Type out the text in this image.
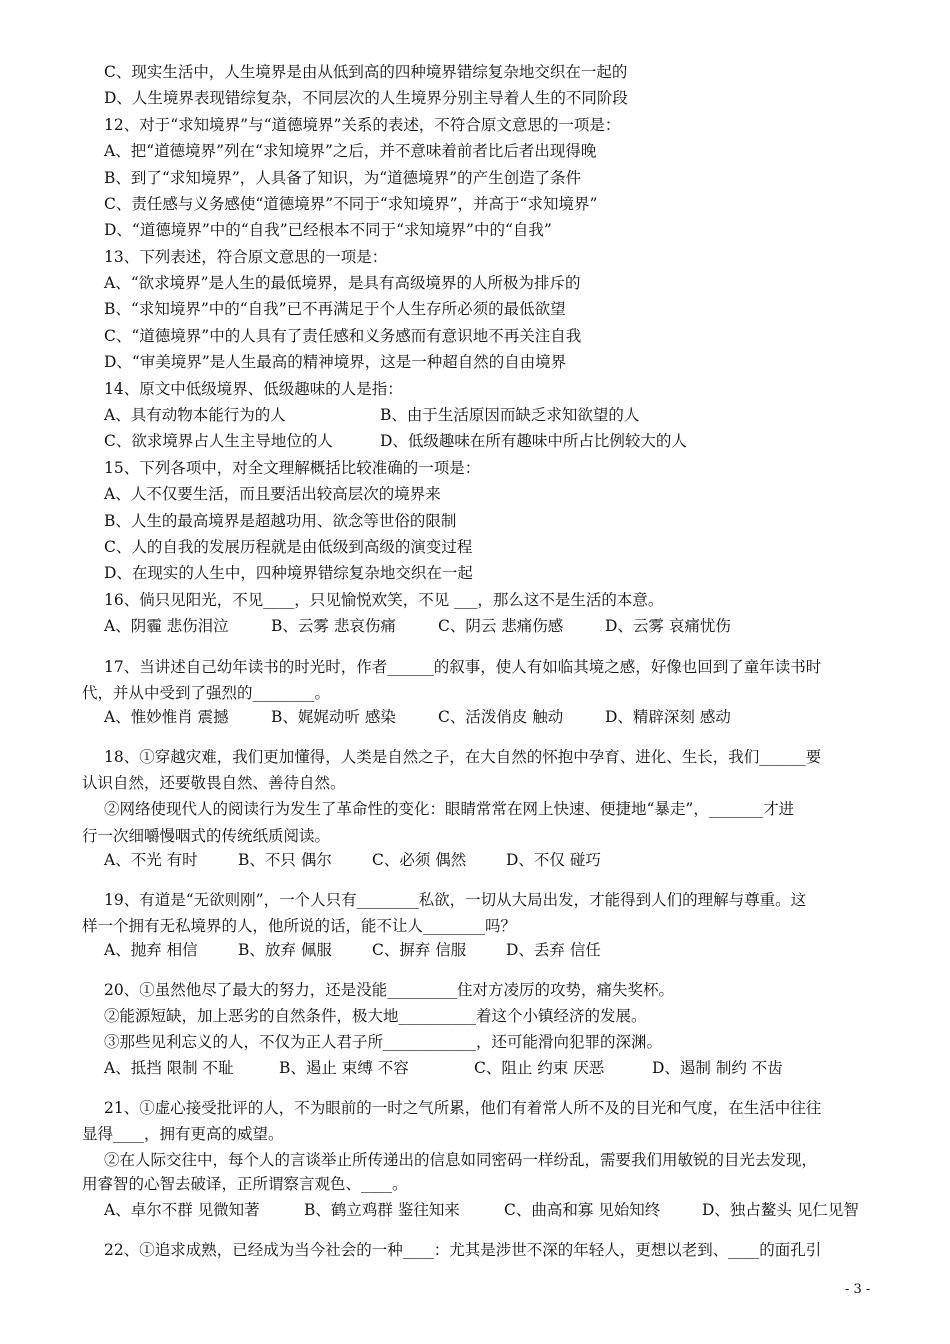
C、现实生活中，人生境界是由从低到高的四种境界错综复杂地交织在一起的
D、人生境界表现错综复杂，不同层次的人生境界分别主导着人生的不同阶段
12、对于“求知境界”与“道德境界”关系的表述，不符合原文意思的一项是：
A、把“道德境界”列在“求知境界”之后，并不意味着前者比后者出现得晚
B、到了“求知境界”，人具备了知识，为“道德境界”的产生创造了条件
C、责任感与义务感使“道德境界”不同于“求知境界”，并高于“求知境界”
D、“道德境界”中的“自我”已经根本不同于“求知境界”中的“自我”
13、下列表述，符合原文意思的一项是：
A、“欲求境界”是人生的最低境界，是具有高级境界的人所极为排斥的
B、“求知境界”中的“自我”已不再满足于个人生存所必须的最低欲望
C、“道德境界”中的人具有了责任感和义务感而有意识地不再关注自我
D、“审美境界”是人生最高的精神境界，这是一种超自然的自由境界
14、原文中低级境界、低级趣味的人是指：
A、具有动物本能行为的人	B、由于生活原因而缺乏求知欲望的人
C、欲求境界占人生主导地位的人	D、低级趣味在所有趣味中所占比例较大的人
15、下列各项中，对全文理解概括比较准确的一项是：
A、人不仅要生活，而且要活出较高层次的境界来
B、人生的最高境界是超越功用、欲念等世俗的限制
C、人的自我的发展历程就是由低级到高级的演变过程
D、在现实的人生中，四种境界错综复杂地交织在一起
16、倘只见阳光，不见____，只见愉悦欢笑，不见 ___，那么这不是生活的本意。
A、阴霾 悲伤泪泣	B、云雾 悲哀伤痛	C、阴云 悲痛伤感	D、云雾 哀痛忧伤
17、当讲述自己幼年读书的时光时，作者______的叙事，使人有如临其境之感，好像也回到了童年读书时
代，并从中受到了强烈的________。
A、惟妙惟肖 震撼	B、娓娓动听 感染	C、活泼俏皮 触动	D、精辟深刻 感动
18、①穿越灾难，我们更加懂得，人类是自然之子，在大自然的怀抱中孕育、进化、生长，我们______要
认识自然，还要敬畏自然、善待自然。
②网络使现代人的阅读行为发生了革命性的变化：眼睛常常在网上快速、便捷地“暴走”，_______才进
行一次细嚼慢咽式的传统纸质阅读。
A、不光 有时	B、不只 偶尔	C、必须 偶然	D、不仅 碰巧
19、有道是“无欲则刚”，一个人只有________私欲，一切从大局出发，才能得到人们的理解与尊重。这
样一个拥有无私境界的人，他所说的话，能不让人________吗？
A、抛弃 相信	B、放弃 佩服	C、摒弃 信服	D、丢弃 信任
20、①虽然他尽了最大的努力，还是没能_________住对方凌厉的攻势，痛失奖杯。
②能源短缺，加上恶劣的自然条件，极大地__________着这个小镇经济的发展。
③那些见利忘义的人，不仅为正人君子所____________，还可能滑向犯罪的深渊。
A、抵挡 限制 不耻	B、遏止 束缚 不容	C、阻止 约束 厌恶	D、遏制 制约 不齿
21、①虚心接受批评的人，不为眼前的一时之气所累，他们有着常人所不及的目光和气度，在生活中往往
显得____，拥有更高的威望。
②在人际交往中，每个人的言谈举止所传递出的信息如同密码一样纷乱，需要我们用敏锐的目光去发现，
用睿智的心智去破译，正所谓察言观色、____。
A、卓尔不群 见微知著	B、鹤立鸡群 鉴往知来	C、曲高和寡 见始知终	D、独占鳌头 见仁见智
22、①追求成熟，已经成为当今社会的一种____：尤其是涉世不深的年轻人，更想以老到、____的面孔引
- 3 -
